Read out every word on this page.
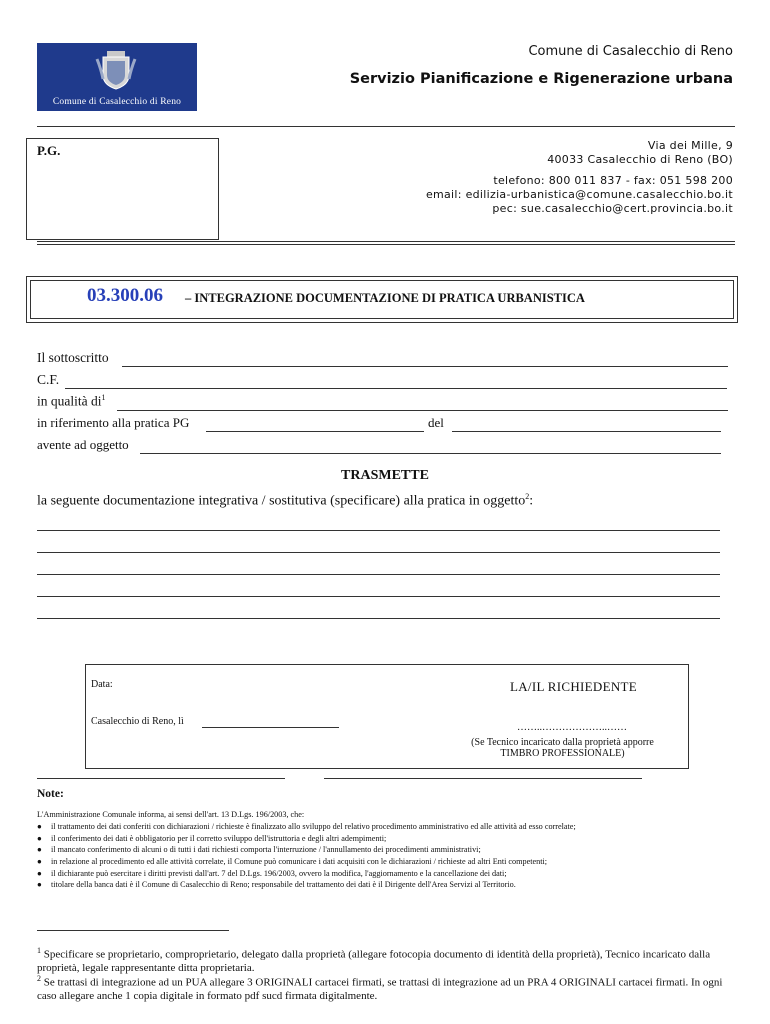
Comune di Casalecchio di Reno
Comune di Casalecchio di Reno
Servizio Pianificazione e Rigenerazione urbana
P.G.	Via dei Mille, 9
40033 Casalecchio di Reno (BO)
telefono: 800 011 837 - fax: 051 598 200
email: edilizia-urbanistica@comune.casalecchio.bo.it
pec: sue.casalecchio@cert.provincia.bo.it
03.300.06 – INTEGRAZIONE DOCUMENTAZIONE DI PRATICA URBANISTICA
Il sottoscritto
C.F.
in qualità $di^1$
in riferimento alla pratica PG	del
avente ad oggetto
TRASMETTE
la seguente documentazione integrativa / sostitutiva (specificare) alla pratica in oggetto$^2$:
Data:
Casalecchio di Reno, lì
LA/IL RICHIEDENTE
……..………………..……
(Se Tecnico incaricato dalla proprietà apporre
TIMBRO PROFESSIONALE)
Note:
L'Amministrazione Comunale informa, ai sensi dell'art. 13 D.Lgs. 196/2003, che:
● il trattamento dei dati conferiti con dichiarazioni / richieste è finalizzato allo sviluppo del relativo procedimento amministrativo ed alle attività ad esso correlate;
● il conferimento dei dati è obbligatorio per il corretto sviluppo dell'istruttoria e degli altri adempimenti;
● il mancato conferimento di alcuni o di tutti i dati richiesti comporta l'interruzione / l'annullamento dei procedimenti amministrativi;
● in relazione al procedimento ed alle attività correlate, il Comune può comunicare i dati acquisiti con le dichiarazioni / richieste ad altri Enti competenti;
● il dichiarante può esercitare i diritti previsti dall'art. 7 del D.Lgs. 196/2003, ovvero la modifica, l'aggiornamento e la cancellazione dei dati;
● titolare della banca dati è il Comune di Casalecchio di Reno; responsabile del trattamento dei dati è il Dirigente dell'Area Servizi al Territorio.
$^1$ Specificare se proprietario, comproprietario, delegato dalla proprietà (allegare fotocopia documento di identità della proprietà), Tecnico incaricato dalla proprietà, legale rappresentante ditta proprietaria.
$^2$ Se trattasi di integrazione ad un PUA allegare 3 ORIGINALI cartacei firmati, se trattasi di integrazione ad un PRA 4 ORIGINALI cartacei firmati. In ogni caso allegare anche 1 copia digitale in formato pdf sucd firmata digitalmente.
